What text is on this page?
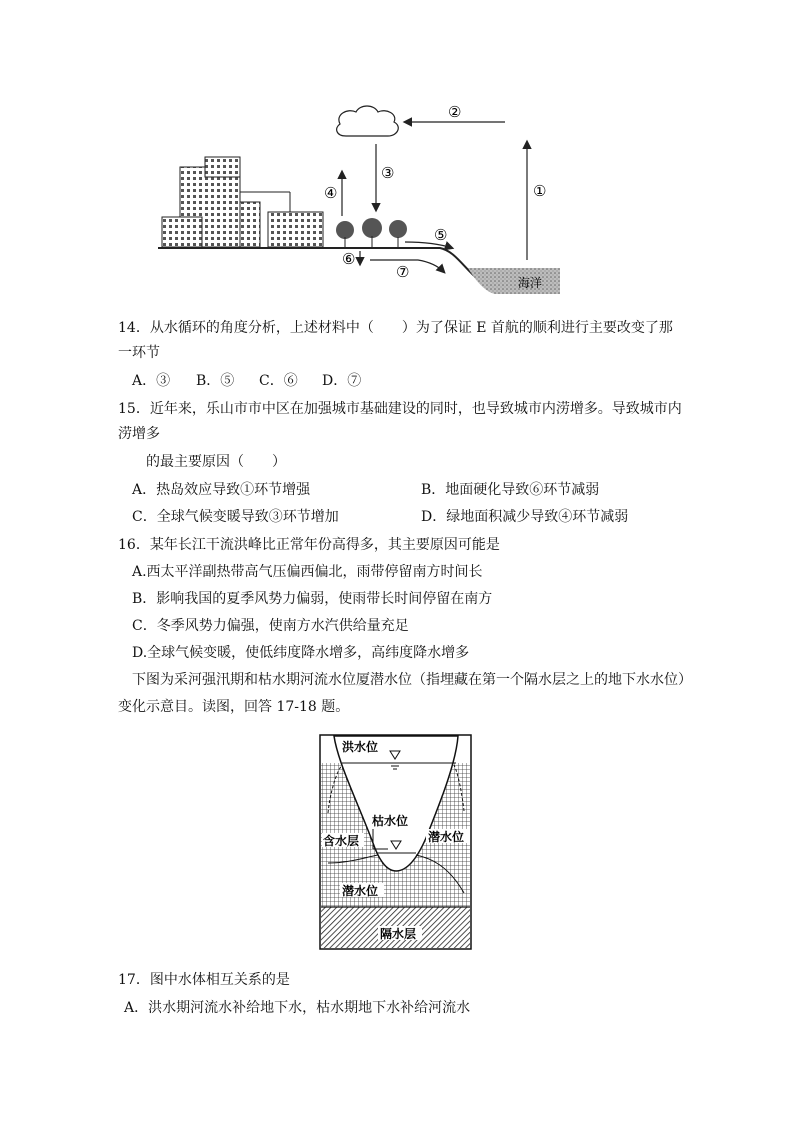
海洋
②
①
③
④
⑤
⑥
⑦
14．从水循环的角度分析，上述材料中（　　）为了保证 E 首航的顺利进行主要改变了那
一环节
A．③ B．⑤ C．⑥ D．⑦
15．近年来，乐山市市中区在加强城市基础建设的同时，也导致城市内涝增多。导致城市内
涝增多
的最主要原因（　　）
A．热岛效应导致①环节增强	B．地面硬化导致⑥环节减弱
C．全球气候变暖导致③环节增加	D．绿地面积减少导致④环节减弱
16．某年长江干流洪峰比正常年份高得多，其主要原因可能是
A.西太平洋副热带高气压偏西偏北，雨带停留南方时间长
B．影响我国的夏季风势力偏弱，使雨带长时间停留在南方
C．冬季风势力偏强，使南方水汽供给量充足
D.全球气候变暖，使低纬度降水增多，高纬度降水增多
下图为采河强汛期和枯水期河流水位厦潜水位（指埋藏在第一个隔水层之上的地下水水位）
变化示意目。读图，回答 17-18 题。
洪水位
枯水位
含水层	潜水位
潜水位
隔水层
17．图中水体相互关系的是
A．洪水期河流水补给地下水，枯水期地下水补给河流水
